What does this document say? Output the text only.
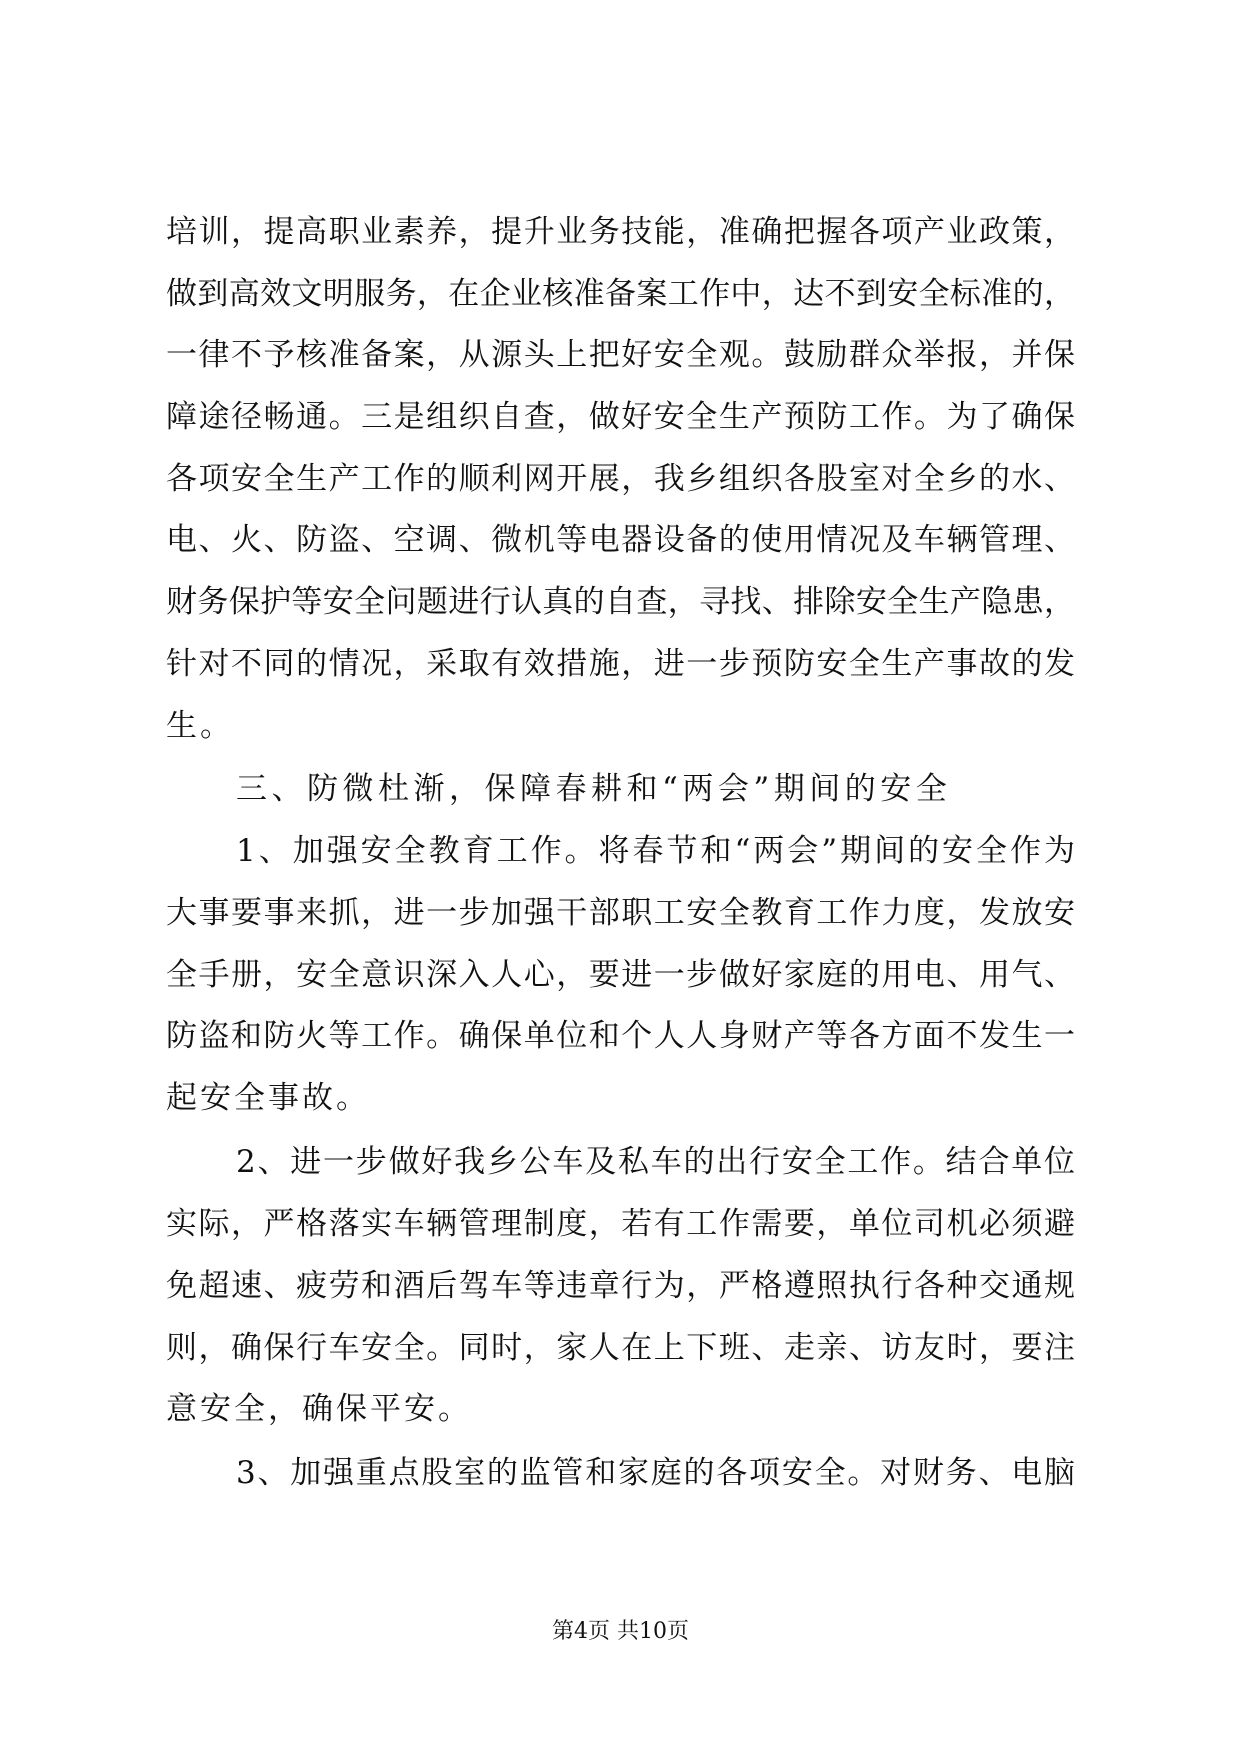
培训，提高职业素养，提升业务技能，准确把握各项产业政策，
做到高效文明服务，在企业核准备案工作中，达不到安全标准的，
一律不予核准备案，从源头上把好安全观。鼓励群众举报，并保
障途径畅通。三是组织自查，做好安全生产预防工作。为了确保
各项安全生产工作的顺利网开展，我乡组织各股室对全乡的水、
电、火、防盗、空调、微机等电器设备的使用情况及车辆管理、
财务保护等安全问题进行认真的自查，寻找、排除安全生产隐患，
针对不同的情况，采取有效措施，进一步预防安全生产事故的发
生。
三、防微杜渐，保障春耕和“两会”期间的安全
1、加强安全教育工作。将春节和“两会”期间的安全作为
大事要事来抓，进一步加强干部职工安全教育工作力度，发放安
全手册，安全意识深入人心，要进一步做好家庭的用电、用气、
防盗和防火等工作。确保单位和个人人身财产等各方面不发生一
起安全事故。
2、进一步做好我乡公车及私车的出行安全工作。结合单位
实际，严格落实车辆管理制度，若有工作需要，单位司机必须避
免超速、疲劳和酒后驾车等违章行为，严格遵照执行各种交通规
则，确保行车安全。同时，家人在上下班、走亲、访友时，要注
意安全，确保平安。
3、加强重点股室的监管和家庭的各项安全。对财务、电脑
第4页 共10页
